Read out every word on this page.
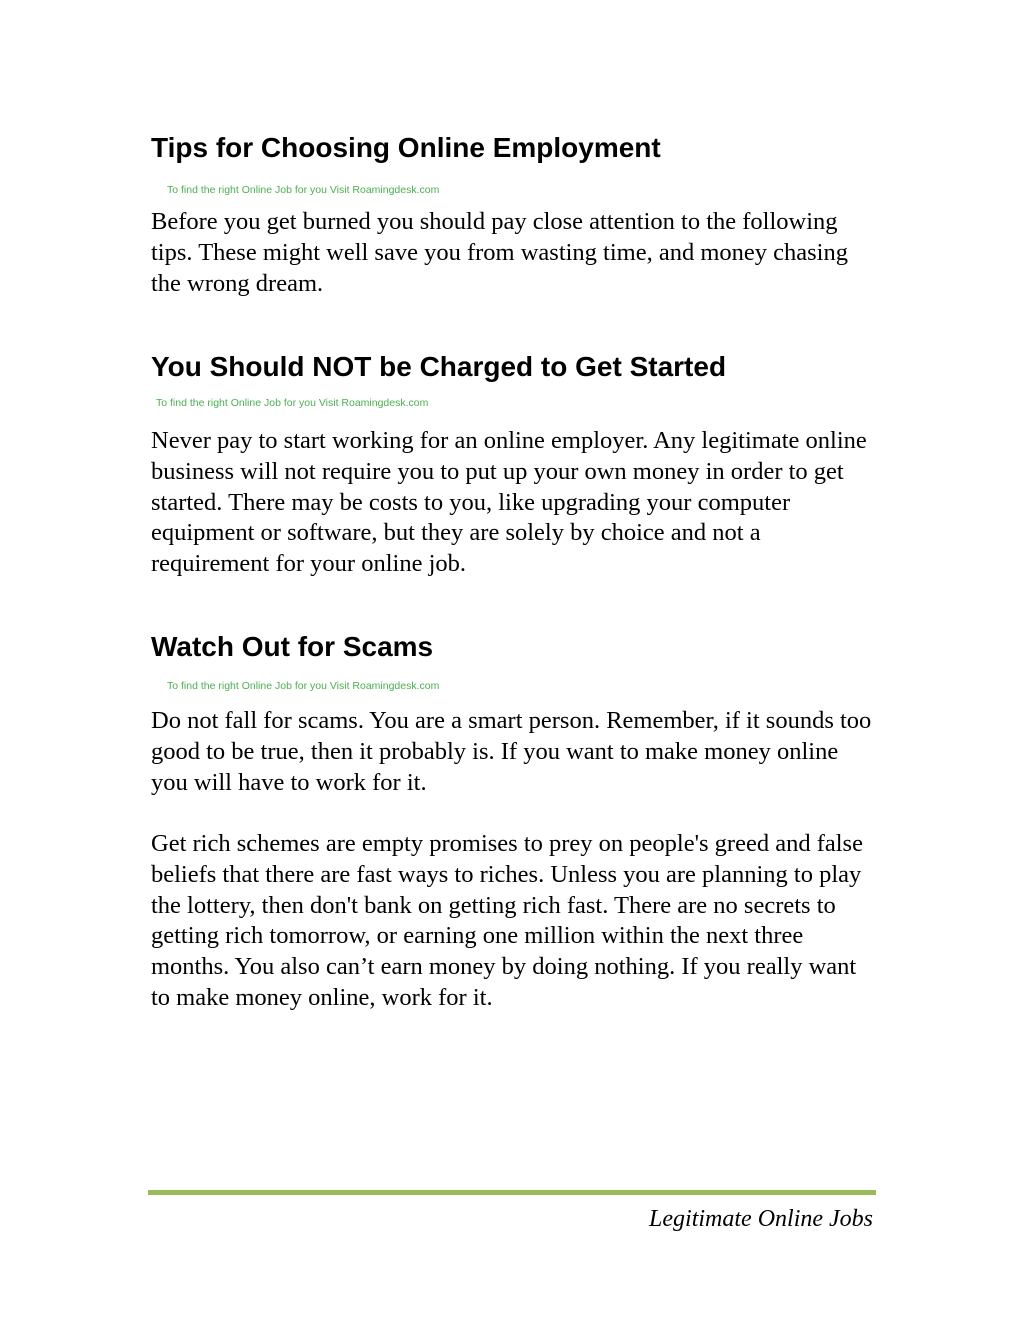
Tips for Choosing Online Employment
To find the right Online Job for you Visit Roamingdesk.com

Before you get burned you should pay close attention to the following tips. These might well save you from wasting time, and money chasing the wrong dream.

You Should NOT be Charged to Get Started
To find the right Online Job for you Visit Roamingdesk.com

Never pay to start working for an online employer. Any legitimate online business will not require you to put up your own money in order to get started. There may be costs to you, like upgrading your computer equipment or software, but they are solely by choice and not a requirement for your online job.

Watch Out for Scams
To find the right Online Job for you Visit Roamingdesk.com

Do not fall for scams. You are a smart person. Remember, if it sounds too good to be true, then it probably is. If you want to make money online you will have to work for it.

Get rich schemes are empty promises to prey on people's greed and false beliefs that there are fast ways to riches. Unless you are planning to play the lottery, then don't bank on getting rich fast. There are no secrets to getting rich tomorrow, or earning one million within the next three months. You also can’t earn money by doing nothing. If you really want to make money online, work for it.

Legitimate Online Jobs
